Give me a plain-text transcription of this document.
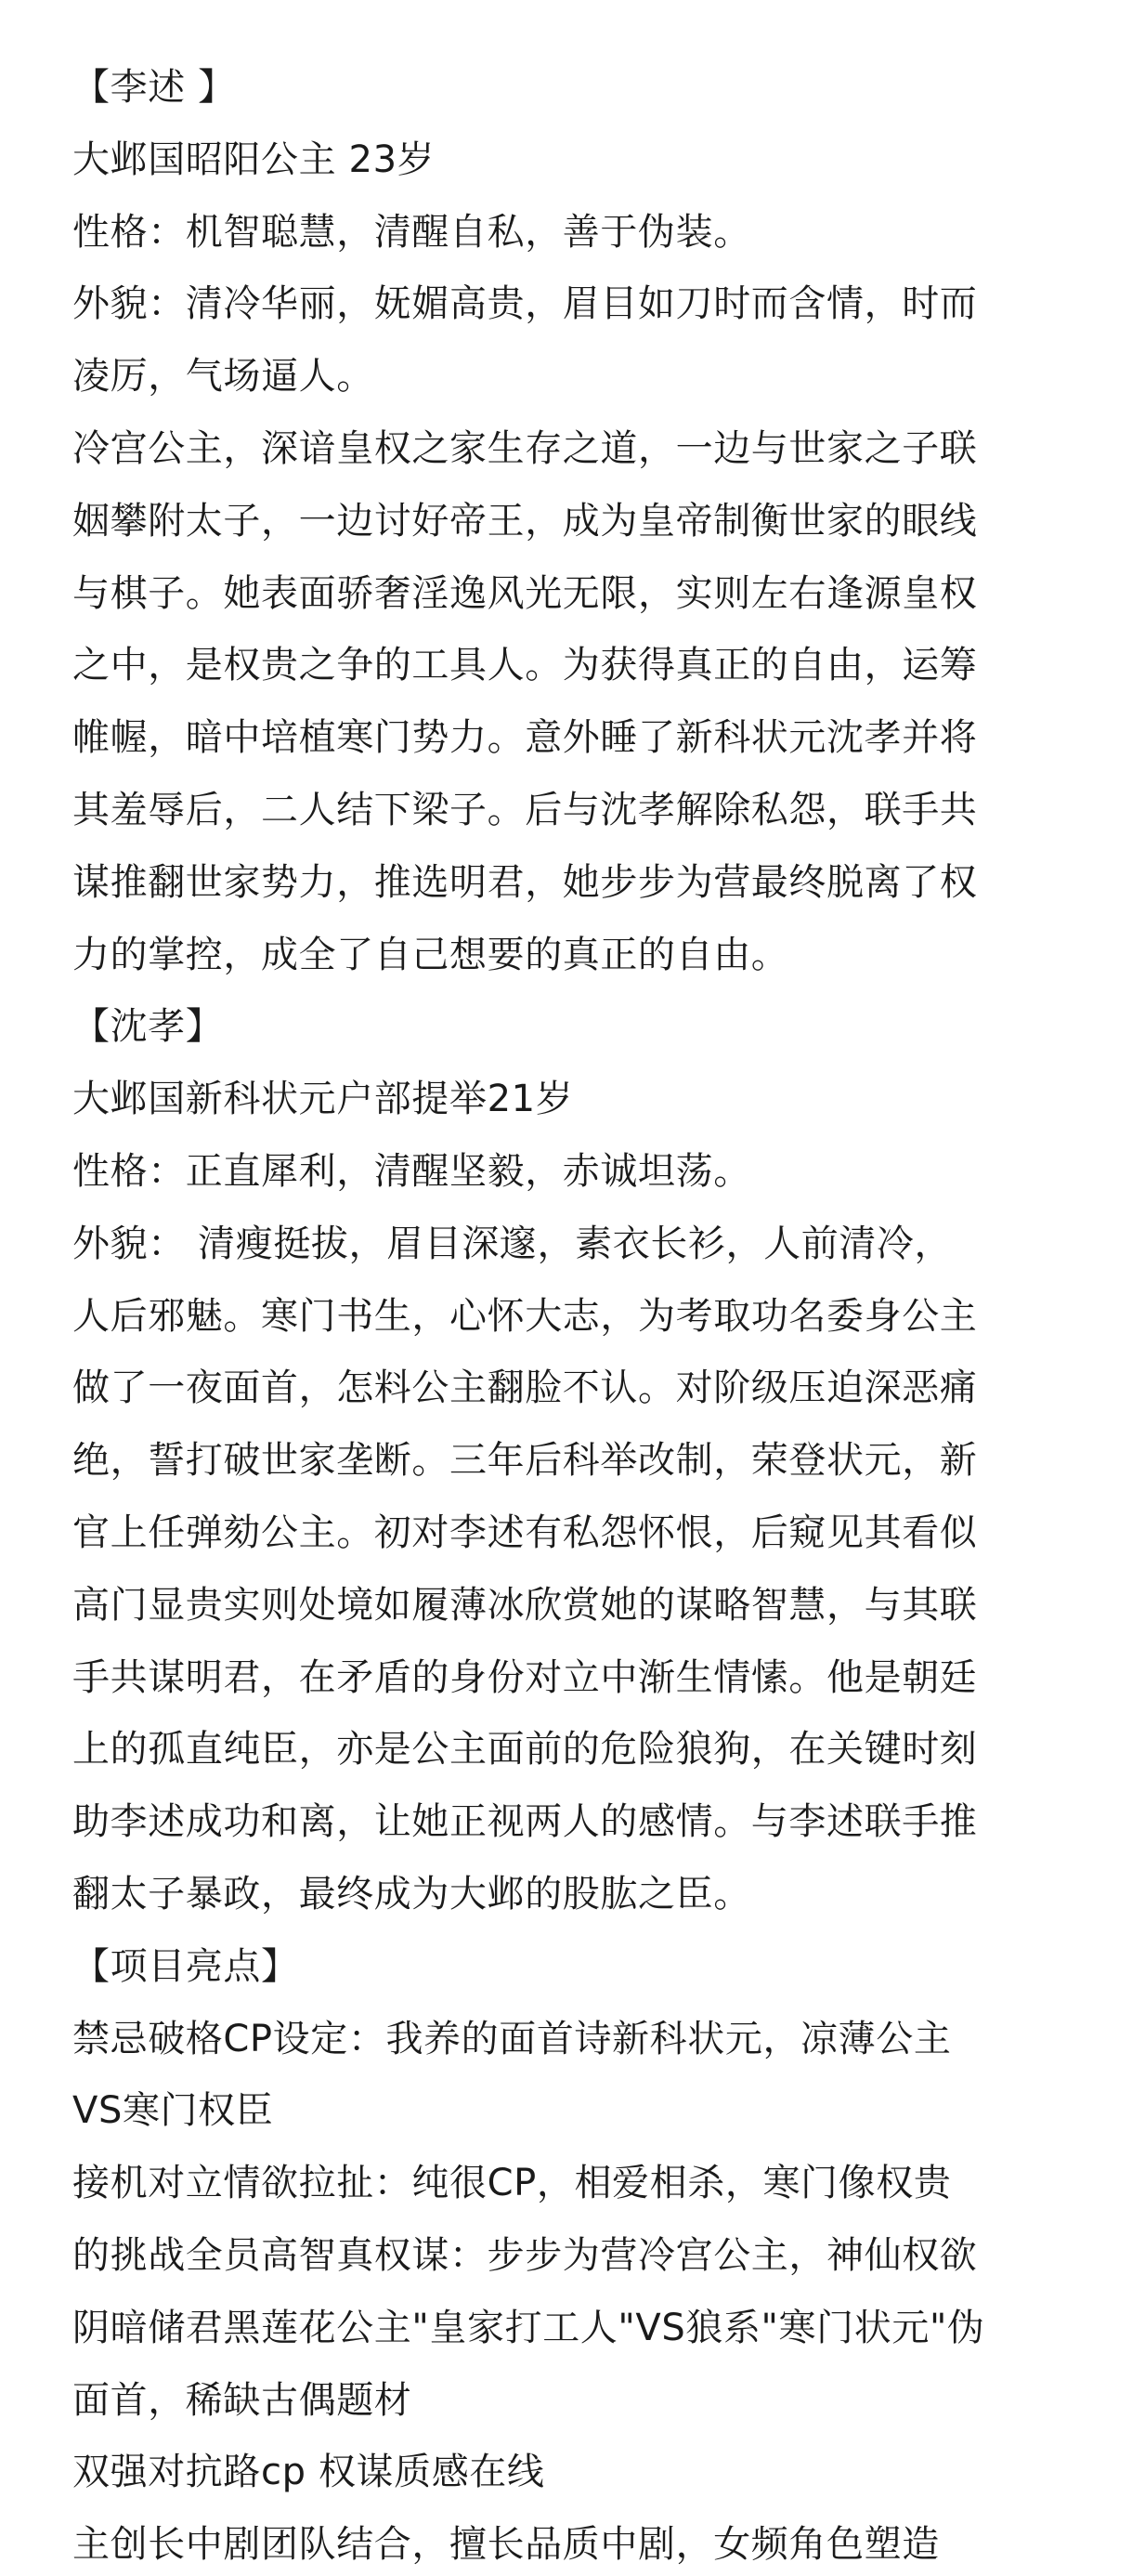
【李述 】
大邺国昭阳公主 23岁
性格：机智聪慧，清醒自私，善于伪装。
外貌：清冷华丽，妩媚高贵，眉目如刀时而含情，时而
凌厉，气场逼人。
冷宫公主，深谙皇权之家生存之道，一边与世家之子联
姻攀附太子，一边讨好帝王，成为皇帝制衡世家的眼线
与棋子。她表面骄奢淫逸风光无限，实则左右逢源皇权
之中，是权贵之争的工具人。为获得真正的自由，运筹
帷幄，暗中培植寒门势力。意外睡了新科状元沈孝并将
其羞辱后，二人结下梁子。后与沈孝解除私怨，联手共
谋推翻世家势力，推选明君，她步步为营最终脱离了权
力的掌控，成全了自己想要的真正的自由。
【沈孝】
大邺国新科状元户部提举21岁
性格：正直犀利，清醒坚毅，赤诚坦荡。
外貌： 清瘦挺拔，眉目深邃，素衣长衫，人前清冷，
人后邪魅。寒门书生，心怀大志，为考取功名委身公主
做了一夜面首，怎料公主翻脸不认。对阶级压迫深恶痛
绝，誓打破世家垄断。三年后科举改制，荣登状元，新
官上任弹劾公主。初对李述有私怨怀恨，后窥见其看似
高门显贵实则处境如履薄冰欣赏她的谋略智慧，与其联
手共谋明君，在矛盾的身份对立中渐生情愫。他是朝廷
上的孤直纯臣，亦是公主面前的危险狼狗，在关键时刻
助李述成功和离，让她正视两人的感情。与李述联手推
翻太子暴政，最终成为大邺的股肱之臣。
【项目亮点】
禁忌破格CP设定：我养的面首诗新科状元，凉薄公主
VS寒门权臣
接机对立情欲拉扯：纯很CP，相爱相杀，寒门像权贵
的挑战全员高智真权谋：步步为营冷宫公主，神仙权欲
阴暗储君黑莲花公主"皇家打工人"VS狼系"寒门状元"伪
面首，稀缺古偶题材
双强对抗路cp 权谋质感在线
主创长中剧团队结合，擅长品质中剧，女频角色塑造
